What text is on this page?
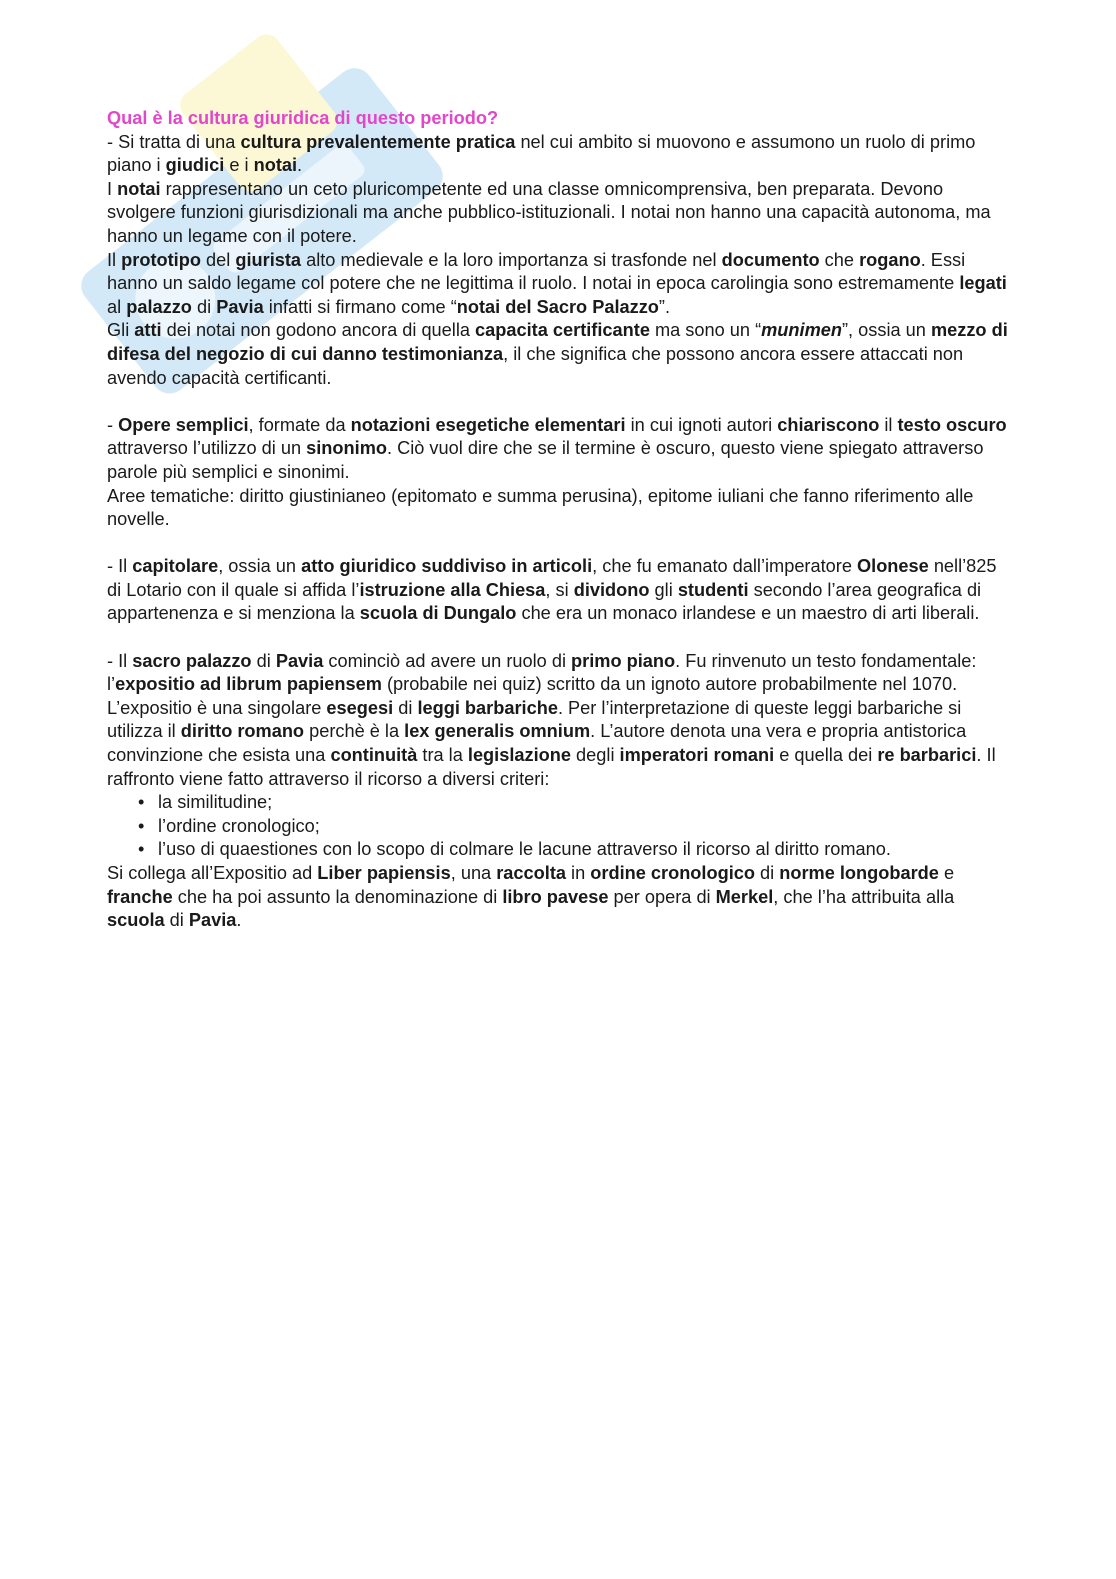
Qual è la cultura giuridica di questo periodo?
- Si tratta di una cultura prevalentemente pratica nel cui ambito si muovono e assumono un ruolo di primo piano i giudici e i notai.
I notai rappresentano un ceto pluricompetente ed una classe omnicomprensiva, ben preparata. Devono svolgere funzioni giurisdizionali ma anche pubblico-istituzionali. I notai non hanno una capacità autonoma, ma hanno un legame con il potere.
Il prototipo del giurista alto medievale e la loro importanza si trasfonde nel documento che rogano. Essi hanno un saldo legame col potere che ne legittima il ruolo. I notai in epoca carolingia sono estremamente legati al palazzo di Pavia infatti si firmano come “notai del Sacro Palazzo”.
Gli atti dei notai non godono ancora di quella capacita certificante ma sono un “munimen”, ossia un mezzo di difesa del negozio di cui danno testimonianza, il che significa che possono ancora essere attaccati non avendo capacità certificanti.
- Opere semplici, formate da notazioni esegetiche elementari in cui ignoti autori chiariscono il testo oscuro attraverso l’utilizzo di un sinonimo. Ciò vuol dire che se il termine è oscuro, questo viene spiegato attraverso parole più semplici e sinonimi.
Aree tematiche: diritto giustinianeo (epitomato e summa perusina), epitome iuliani che fanno riferimento alle novelle.
- Il capitolare, ossia un atto giuridico suddiviso in articoli, che fu emanato dall’imperatore Olonese nell’825 di Lotario con il quale si affida l’istruzione alla Chiesa, si dividono gli studenti secondo l’area geografica di appartenenza e si menziona la scuola di Dungalo che era un monaco irlandese e un maestro di arti liberali.
- Il sacro palazzo di Pavia cominciò ad avere un ruolo di primo piano. Fu rinvenuto un testo fondamentale: l’expositio ad librum papiensem (probabile nei quiz) scritto da un ignoto autore probabilmente nel 1070. L’expositio è una singolare esegesi di leggi barbariche. Per l’interpretazione di queste leggi barbariche si utilizza il diritto romano perchè è la lex generalis omnium. L’autore denota una vera e propria antistorica convinzione che esista una continuità tra la legislazione degli imperatori romani e quella dei re barbarici. Il raffronto viene fatto attraverso il ricorso a diversi criteri:
• la similitudine;
• l’ordine cronologico;
• l’uso di quaestiones con lo scopo di colmare le lacune attraverso il ricorso al diritto romano.
Si collega all’Expositio ad Liber papiensis, una raccolta in ordine cronologico di norme longobarde e franche che ha poi assunto la denominazione di libro pavese per opera di Merkel, che l’ha attribuita alla scuola di Pavia.
